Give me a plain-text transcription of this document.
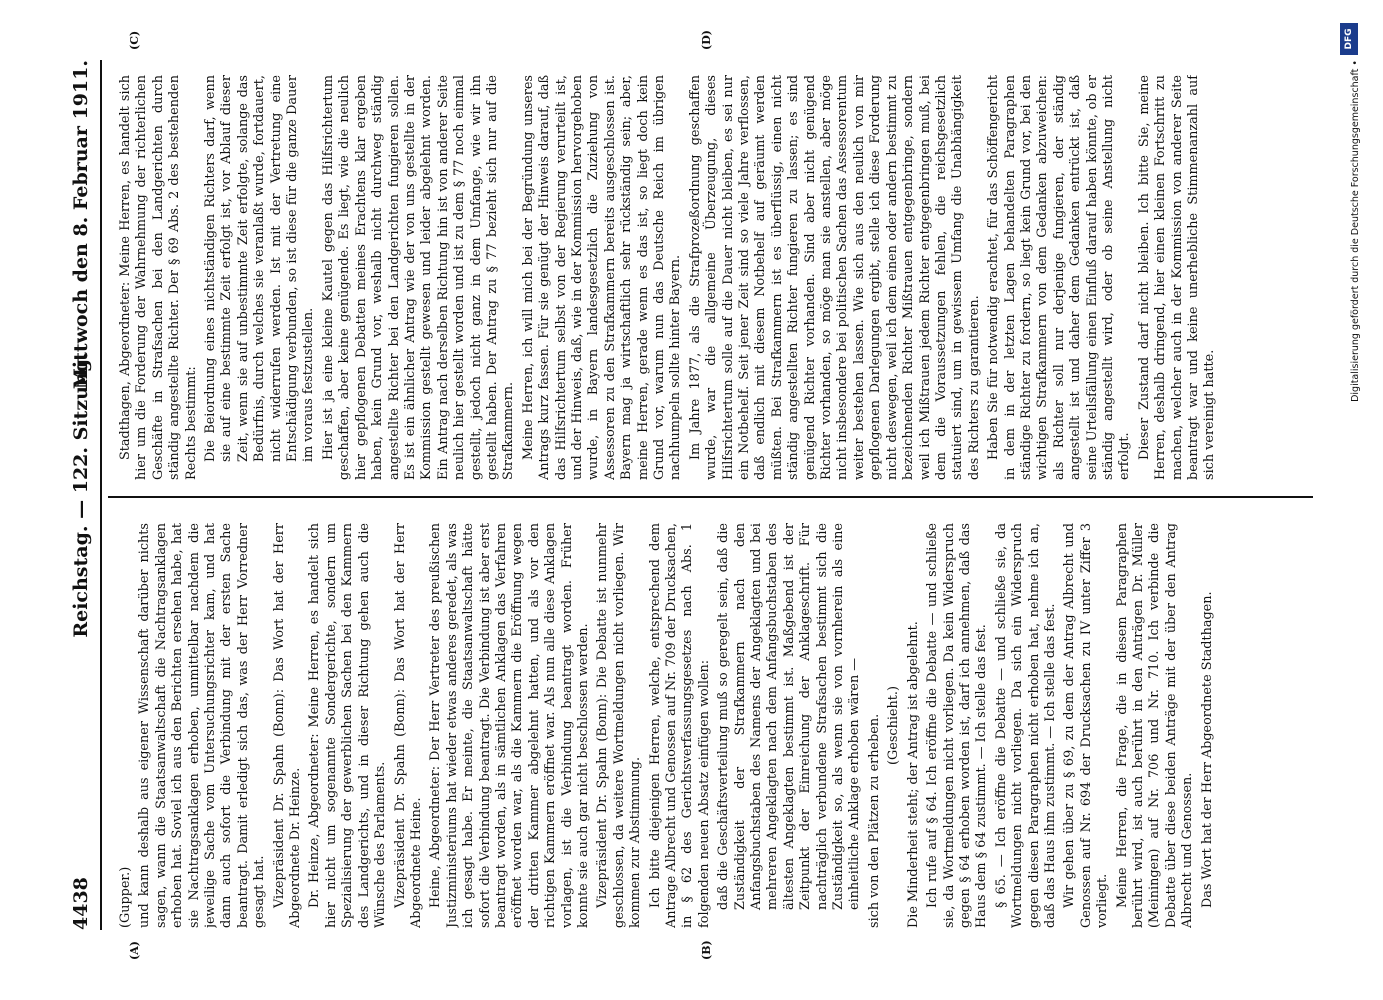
4438
Reichstag. — 122. Sitzung.
Mittwoch den 8. Februar 1911.
(A)	(B)
(C)	(D)

(Gupper.) und kann deshalb aus eigener Wissenschaft darüber nichts sagen, wann die Staatsanwaltschaft die Nachtragsanklagen erhoben hat. Soviel ich aus den Berichten ersehen habe, hat sie Nachtragsanklagen erhoben, unmittelbar nachdem die jeweilige Sache vom Untersuchungsrichter kam, und hat dann auch sofort die Verbindung mit der ersten Sache beantragt. Damit erledigt sich das, was der Herr Vorredner gesagt hat. Vizepräsident Dr. Spahn (Bonn): Das Wort hat der Herr Abgeordnete Dr. Heinze. Dr. Heinze, Abgeordneter: Meine Herren, es handelt sich hier nicht um sogenannte Sondergerichte, sondern um Spezialisierung der gewerblichen Sachen bei den Kammern des Landgerichts, und in dieser Richtung gehen auch die Wünsche des Parlaments. Vizepräsident Dr. Spahn (Bonn): Das Wort hat der Herr Abgeordnete Heine. Heine, Abgeordneter: Der Herr Vertreter des preußischen Justizministeriums hat wieder etwas anderes geredet, als was ich gesagt habe. Er meinte, die Staatsanwaltschaft hätte sofort die Verbindung beantragt. Die Verbindung ist aber erst beantragt worden, als in sämtlichen Anklagen das Verfahren eröffnet worden war, als die Kammern die Eröffnung wegen der dritten Kammer abgelehnt hatten, und als vor den richtigen Kammern eröffnet war. Als nun alle diese Anklagen vorlagen, ist die Verbindung beantragt worden. Früher konnte sie auch gar nicht beschlossen werden. Vizepräsident Dr. Spahn (Bonn): Die Debatte ist nunmehr geschlossen, da weitere Wortmeldungen nicht vorliegen. Wir kommen zur Abstimmung. Ich bitte diejenigen Herren, welche, entsprechend dem Antrage Albrecht und Genossen auf Nr. 709 der Drucksachen, in § 62 des Gerichtsverfassungsgesetzes nach Abs. 1 folgenden neuen Absatz einfügen wollen: daß die Geschäftsverteilung muß so geregelt sein, daß die Zuständigkeit der Strafkammern nach den Anfangsbuchstaben des Namens der Angeklagten und bei mehreren Angeklagten nach dem Anfangsbuchstaben des ältesten Angeklagten bestimmt ist. Maßgebend ist der Zeitpunkt der Einreichung der Anklageschrift. Für nachträglich verbundene Strafsachen bestimmt sich die Zuständigkeit so, als wenn sie von vornherein als eine einheitliche Anklage erhoben wären — sich von den Plätzen zu erheben. (Geschieht.) Die Minderheit steht; der Antrag ist abgelehnt. Ich rufe auf § 64. Ich eröffne die Debatte — und schließe sie, da Wortmeldungen nicht vorliegen. Da kein Widerspruch gegen § 64 erhoben worden ist, darf ich annehmen, daß das Haus dem § 64 zustimmt. — Ich stelle das fest. § 65. — Ich eröffne die Debatte — und schließe sie, da Wortmeldungen nicht vorliegen. Da sich ein Widerspruch gegen diesen Paragraphen nicht erhoben hat, nehme ich an, daß das Haus ihm zustimmt. — Ich stelle das fest. Wir gehen über zu § 69, zu dem der Antrag Albrecht und Genossen auf Nr. 694 der Drucksachen zu IV unter Ziffer 3 vorliegt. Meine Herren, die Frage, die in diesem Paragraphen berührt wird, ist auch berührt in den Anträgen Dr. Müller (Meiningen) auf Nr. 706 und Nr. 710. Ich verbinde die Debatte über diese beiden Anträge mit der über den Antrag Albrecht und Genossen. Das Wort hat der Herr Abgeordnete Stadthagen.

Stadthagen, Abgeordneter: Meine Herren, es handelt sich hier um die Forderung der Wahrnehmung der richterlichen Geschäfte in Strafsachen bei den Landgerichten durch ständig angestellte Richter. Der § 69 Abs. 2 des bestehenden Rechts bestimmt: Die Beiordnung eines nichtständigen Richters darf, wenn sie auf eine bestimmte Zeit erfolgt ist, vor Ablauf dieser Zeit, wenn sie auf unbestimmte Zeit erfolgte, solange das Bedürfnis, durch welches sie veranlaßt wurde, fortdauert, nicht widerrufen werden. Ist mit der Vertretung eine Entschädigung verbunden, so ist diese für die ganze Dauer im voraus festzustellen. Hier ist ja eine kleine Kautel gegen das Hilfsrichtertum geschaffen, aber keine genügende. Es liegt, wie die neulich hier gepflogenen Debatten meines Erachtens klar ergeben haben, kein Grund vor, weshalb nicht durchweg ständig angestellte Richter bei den Landgerichten fungieren sollen. Es ist ein ähnlicher Antrag wie der von uns gestellte in der Kommission gestellt gewesen und leider abgelehnt worden. Ein Antrag nach derselben Richtung hin ist von anderer Seite neulich hier gestellt worden und ist zu dem § 77 noch einmal gestellt, jedoch nicht ganz in dem Umfange, wie wir ihn gestellt haben. Der Antrag zu § 77 bezieht sich nur auf die Strafkammern. Meine Herren, ich will mich bei der Begründung unseres Antrags kurz fassen. Für sie genügt der Hinweis darauf, daß das Hilfsrichtertum selbst von der Regierung verurteilt ist, und der Hinweis, daß, wie in der Kommission hervorgehoben wurde, in Bayern landesgesetzlich die Zuziehung von Assessoren zu den Strafkammern bereits ausgeschlossen ist. Bayern mag ja wirtschaftlich sehr rückständig sein; aber, meine Herren, gerade wenn es das ist, so liegt doch kein Grund vor, warum nun das Deutsche Reich im übrigen nachhumpeln sollte hinter Bayern. Im Jahre 1877, als die Strafprozeßordnung geschaffen wurde, war die allgemeine Überzeugung, dieses Hilfsrichtertum solle auf die Dauer nicht bleiben, es sei nur ein Notbehelf. Seit jener Zeit sind so viele Jahre verflossen, daß endlich mit diesem Notbehelf auf geräumt werden müßten. Bei Strafkammern ist es überflüssig, einen nicht ständig angestellten Richter fungieren zu lassen; es sind genügend Richter vorhanden. Sind aber nicht genügend Richter vorhanden, so möge man sie anstellen, aber möge nicht insbesondere bei politischen Sachen das Assessorentum weiter bestehen lassen. Wie sich aus den neulich von mir gepflogenen Darlegungen ergibt, stelle ich diese Forderung nicht deswegen, weil ich dem einen oder andern bestimmt zu bezeichnenden Richter Mißtrauen entgegenbringe, sondern weil ich Mißtrauen jedem Richter entgegenbringen muß, bei dem die Voraussetzungen fehlen, die reichsgesetzlich statuiert sind, um in gewissem Umfang die Unabhängigkeit des Richters zu garantieren. Haben Sie für notwendig erachtet, für das Schöffengericht in dem in der letzten Lagen behandelten Paragraphen ständige Richter zu fordern, so liegt kein Grund vor, bei den wichtigen Strafkammern von dem Gedanken abzuweichen: als Richter soll nur derjenige fungieren, der ständig angestellt ist und daher dem Gedanken entrückt ist, daß seine Urteilsfällung einen Einfluß darauf haben könnte, ob er ständig angestellt wird, oder ob seine Anstellung nicht erfolgt. Dieser Zustand darf nicht bleiben. Ich bitte Sie, meine Herren, deshalb dringend, hier einen kleinen Fortschritt zu machen, welcher auch in der Kommission von anderer Seite beantragt war und keine unerhebliche Stimmenanzahl auf sich vereinigt hatte.

Digitalisierung gefördert durch die Deutsche Forschungsgemeinschaft •
DFG
